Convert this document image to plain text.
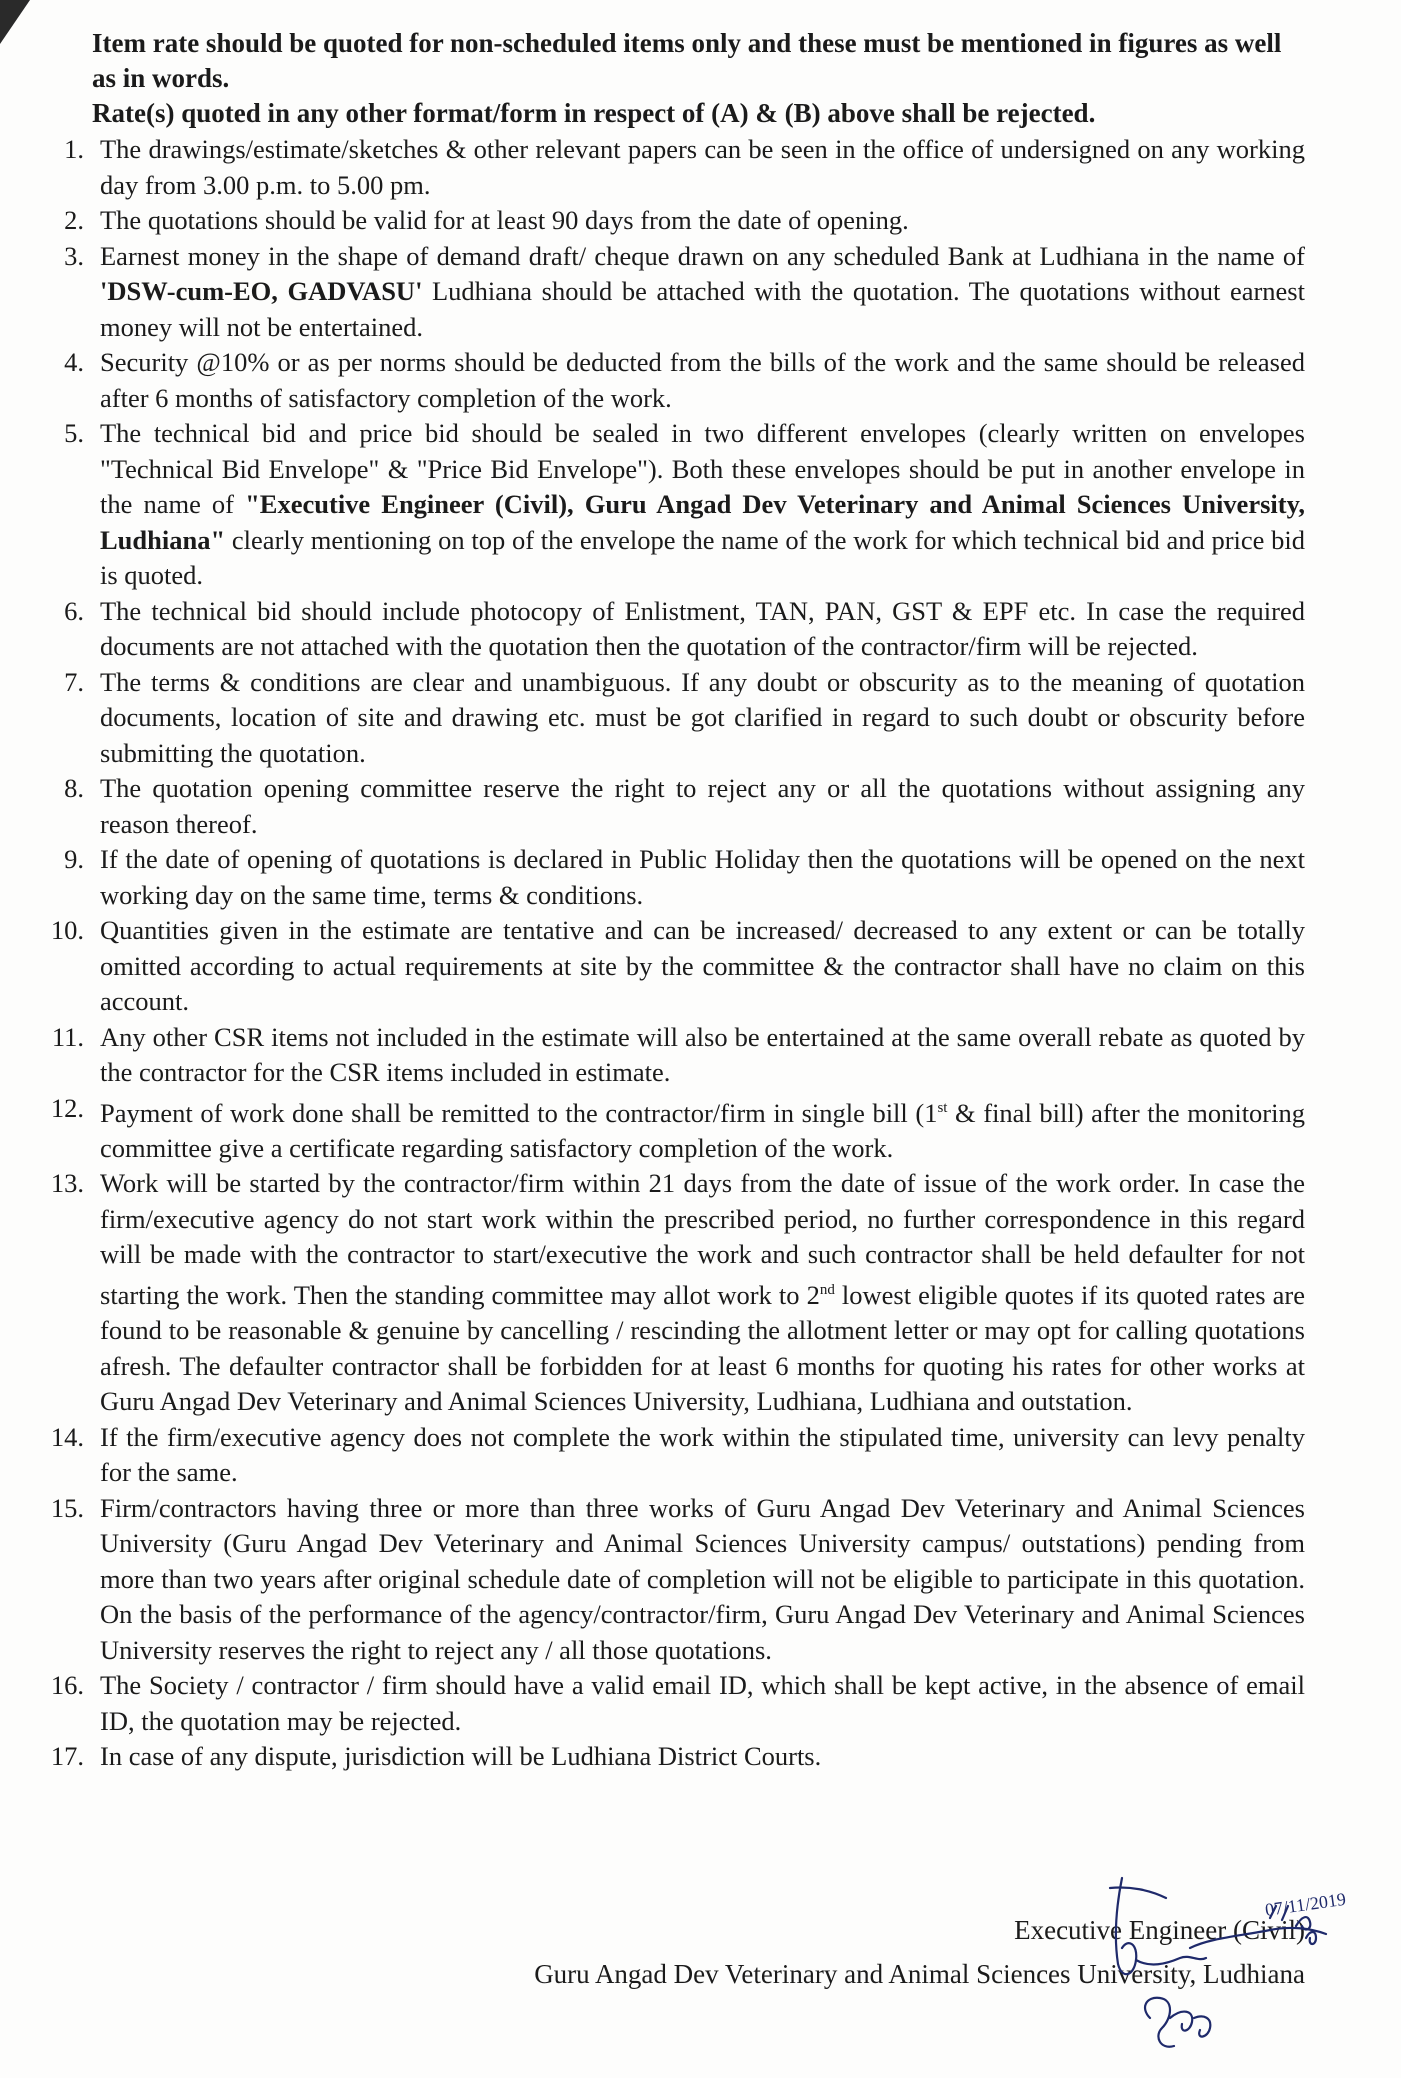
Item rate should be quoted for non-scheduled items only and these must be mentioned in figures as well as in words.

Rate(s) quoted in any other format/form in respect of (A) & (B) above shall be rejected.

1. The drawings/estimate/sketches & other relevant papers can be seen in the office of undersigned on any working day from 3.00 p.m. to 5.00 pm.
2. The quotations should be valid for at least 90 days from the date of opening.
3. Earnest money in the shape of demand draft/ cheque drawn on any scheduled Bank at Ludhiana in the name of 'DSW-cum-EO, GADVASU' Ludhiana should be attached with the quotation. The quotations without earnest money will not be entertained.
4. Security @10% or as per norms should be deducted from the bills of the work and the same should be released after 6 months of satisfactory completion of the work.
5. The technical bid and price bid should be sealed in two different envelopes (clearly written on envelopes "Technical Bid Envelope" & "Price Bid Envelope"). Both these envelopes should be put in another envelope in the name of "Executive Engineer (Civil), Guru Angad Dev Veterinary and Animal Sciences University, Ludhiana" clearly mentioning on top of the envelope the name of the work for which technical bid and price bid is quoted.
6. The technical bid should include photocopy of Enlistment, TAN, PAN, GST & EPF etc. In case the required documents are not attached with the quotation then the quotation of the contractor/firm will be rejected.
7. The terms & conditions are clear and unambiguous. If any doubt or obscurity as to the meaning of quotation documents, location of site and drawing etc. must be got clarified in regard to such doubt or obscurity before submitting the quotation.
8. The quotation opening committee reserve the right to reject any or all the quotations without assigning any reason thereof.
9. If the date of opening of quotations is declared in Public Holiday then the quotations will be opened on the next working day on the same time, terms & conditions.
10. Quantities given in the estimate are tentative and can be increased/ decreased to any extent or can be totally omitted according to actual requirements at site by the committee & the contractor shall have no claim on this account.
11. Any other CSR items not included in the estimate will also be entertained at the same overall rebate as quoted by the contractor for the CSR items included in estimate.
12. Payment of work done shall be remitted to the contractor/firm in single bill (1st & final bill) after the monitoring committee give a certificate regarding satisfactory completion of the work.
13. Work will be started by the contractor/firm within 21 days from the date of issue of the work order. In case the firm/executive agency do not start work within the prescribed period, no further correspondence in this regard will be made with the contractor to start/executive the work and such contractor shall be held defaulter for not starting the work. Then the standing committee may allot work to 2nd lowest eligible quotes if its quoted rates are found to be reasonable & genuine by cancelling / rescinding the allotment letter or may opt for calling quotations afresh. The defaulter contractor shall be forbidden for at least 6 months for quoting his rates for other works at Guru Angad Dev Veterinary and Animal Sciences University, Ludhiana, Ludhiana and outstation.
14. If the firm/executive agency does not complete the work within the stipulated time, university can levy penalty for the same.
15. Firm/contractors having three or more than three works of Guru Angad Dev Veterinary and Animal Sciences University (Guru Angad Dev Veterinary and Animal Sciences University campus/ outstations) pending from more than two years after original schedule date of completion will not be eligible to participate in this quotation. On the basis of the performance of the agency/contractor/firm, Guru Angad Dev Veterinary and Animal Sciences University reserves the right to reject any / all those quotations.
16. The Society / contractor / firm should have a valid email ID, which shall be kept active, in the absence of email ID, the quotation may be rejected.
17. In case of any dispute, jurisdiction will be Ludhiana District Courts.

Executive Engineer (Civil)

Guru Angad Dev Veterinary and Animal Sciences University, Ludhiana

07/11/2019
